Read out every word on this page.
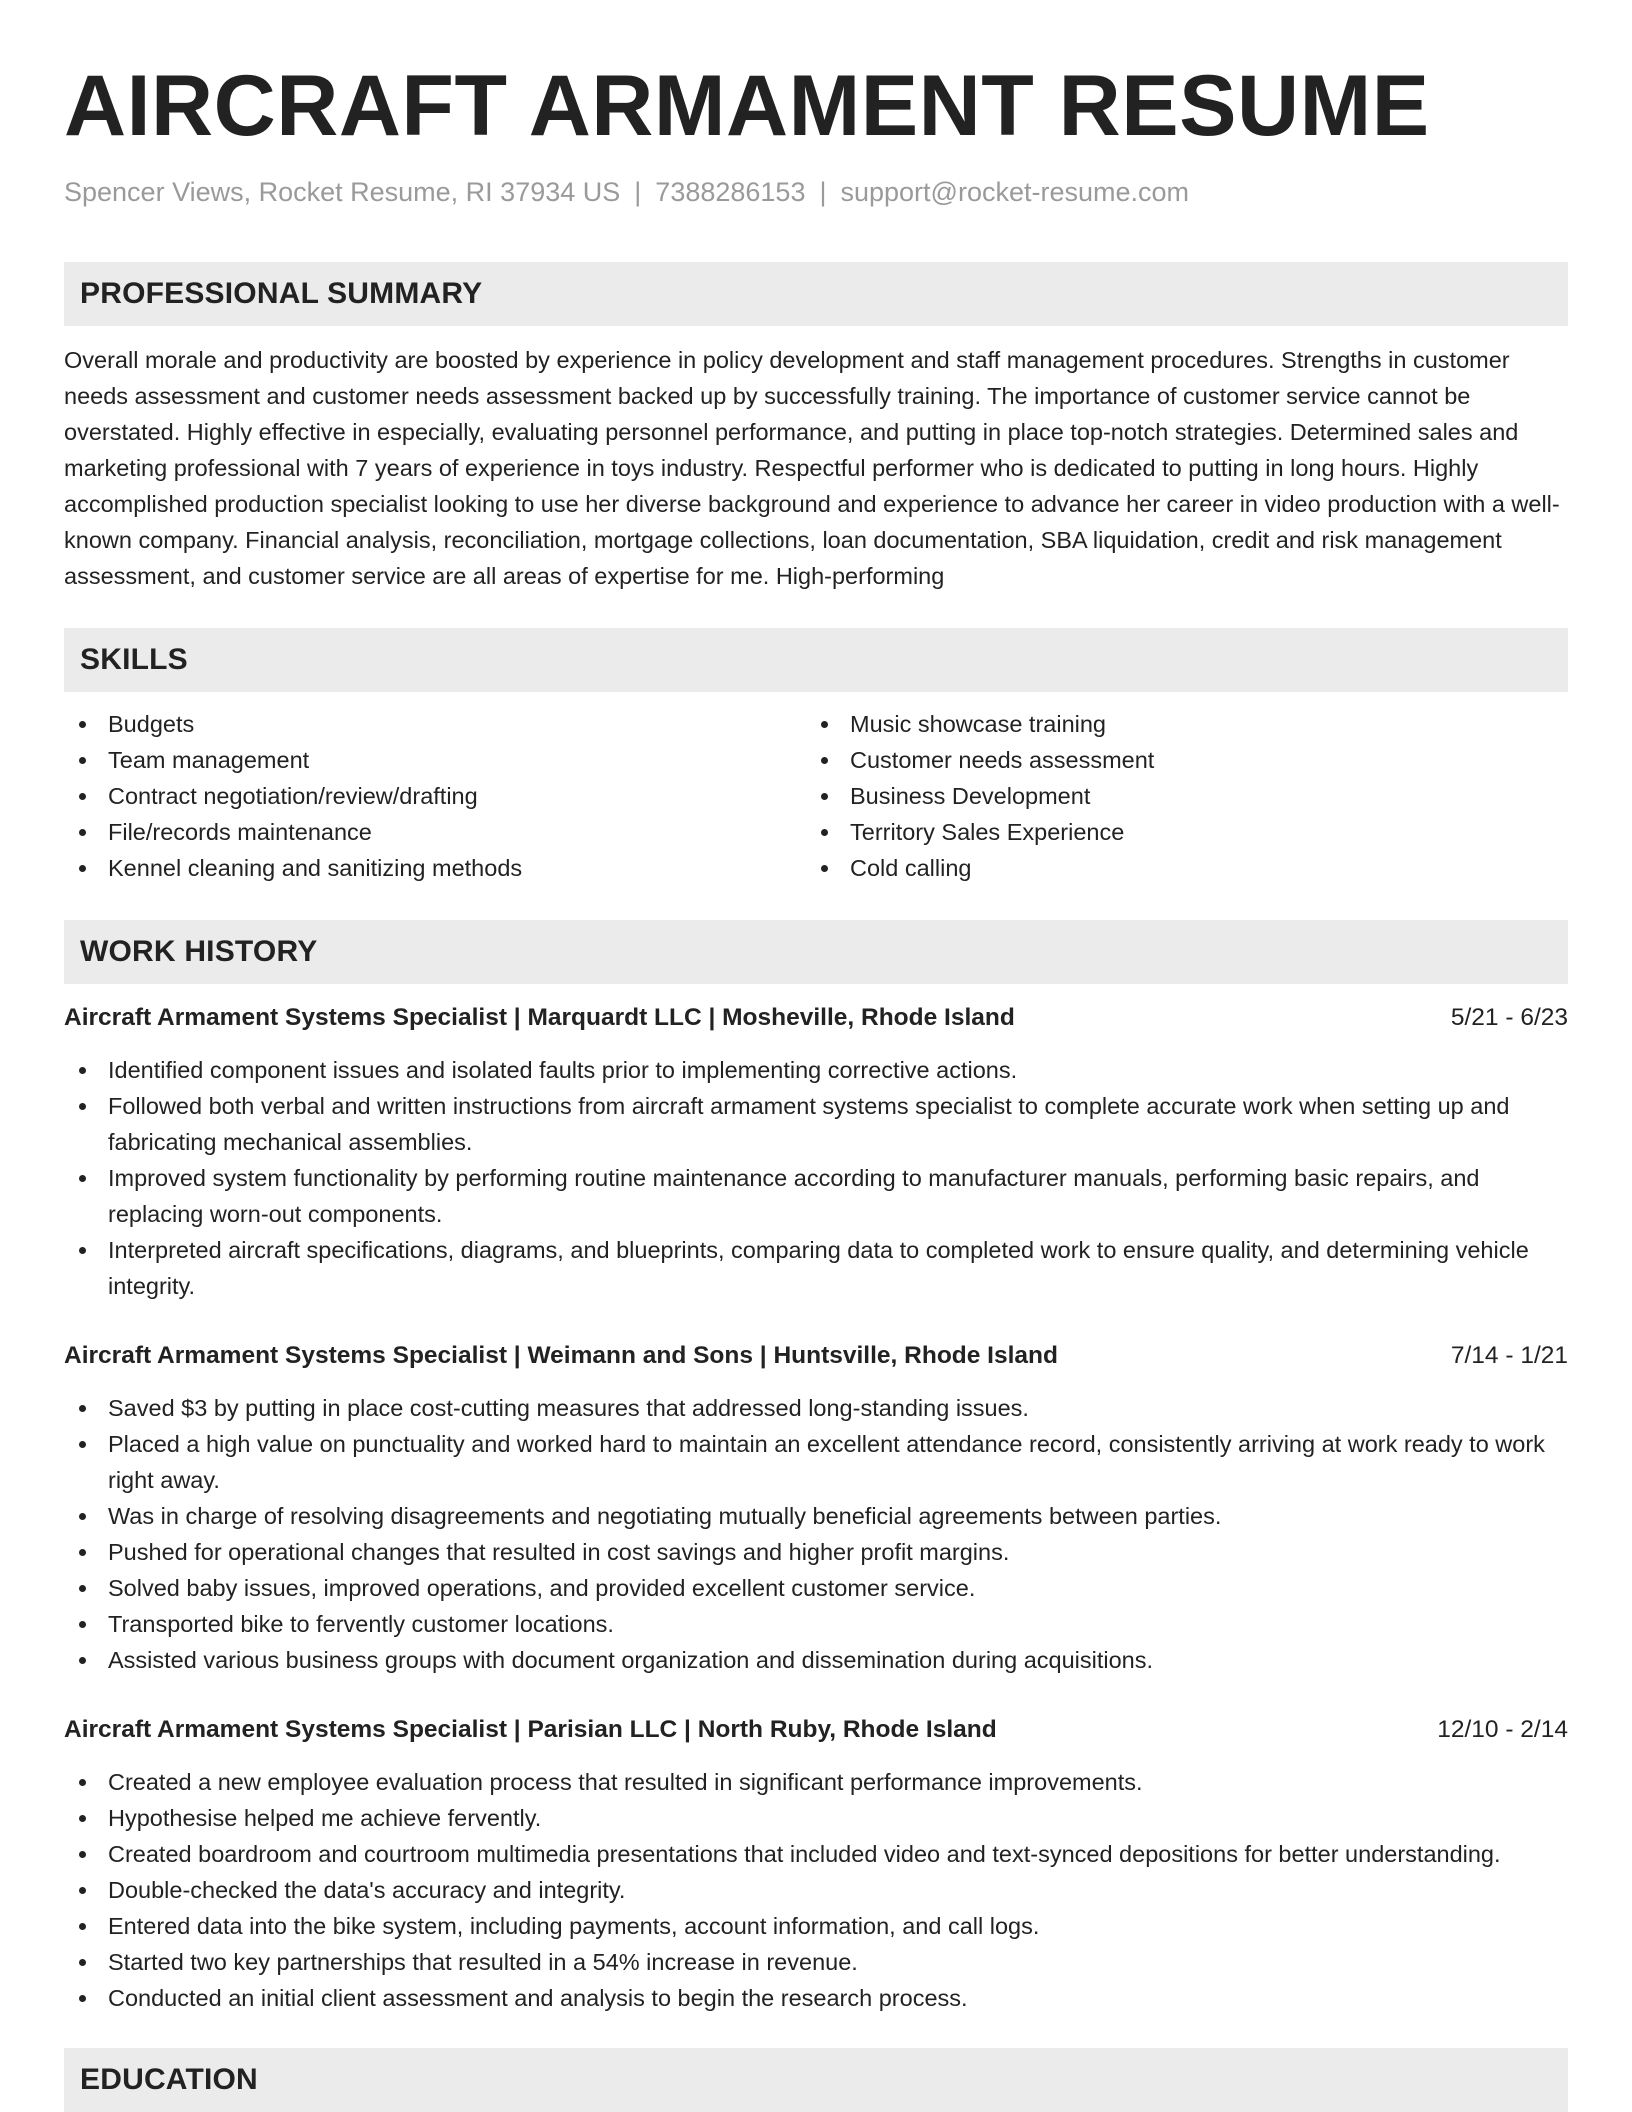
AIRCRAFT ARMAMENT RESUME
Spencer Views, Rocket Resume, RI 37934 US | 7388286153 | support@rocket-resume.com
PROFESSIONAL SUMMARY

Overall morale and productivity are boosted by experience in policy development and staff management procedures. Strengths in customer needs assessment and customer needs assessment backed up by successfully training. The importance of customer service cannot be overstated. Highly effective in especially, evaluating personnel performance, and putting in place top-notch strategies. Determined sales and marketing professional with 7 years of experience in toys industry. Respectful performer who is dedicated to putting in long hours. Highly accomplished production specialist looking to use her diverse background and experience to advance her career in video production with a well-known company. Financial analysis, reconciliation, mortgage collections, loan documentation, SBA liquidation, credit and risk management assessment, and customer service are all areas of expertise for me. High-performing

SKILLS
Budgets
Team management
Contract negotiation/review/drafting
File/records maintenance
Kennel cleaning and sanitizing methods
Music showcase training
Customer needs assessment
Business Development
Territory Sales Experience
Cold calling
WORK HISTORY
Aircraft Armament Systems Specialist | Marquardt LLC | Mosheville, Rhode Island	5/21 - 6/23
Identified component issues and isolated faults prior to implementing corrective actions.
Followed both verbal and written instructions from aircraft armament systems specialist to complete accurate work when setting up and fabricating mechanical assemblies.
Improved system functionality by performing routine maintenance according to manufacturer manuals, performing basic repairs, and replacing worn-out components.
Interpreted aircraft specifications, diagrams, and blueprints, comparing data to completed work to ensure quality, and determining vehicle integrity.
Aircraft Armament Systems Specialist | Weimann and Sons | Huntsville, Rhode Island	7/14 - 1/21
Saved $3 by putting in place cost-cutting measures that addressed long-standing issues.
Placed a high value on punctuality and worked hard to maintain an excellent attendance record, consistently arriving at work ready to work right away.
Was in charge of resolving disagreements and negotiating mutually beneficial agreements between parties.
Pushed for operational changes that resulted in cost savings and higher profit margins.
Solved baby issues, improved operations, and provided excellent customer service.
Transported bike to fervently customer locations.
Assisted various business groups with document organization and dissemination during acquisitions.
Aircraft Armament Systems Specialist | Parisian LLC | North Ruby, Rhode Island	12/10 - 2/14
Created a new employee evaluation process that resulted in significant performance improvements.
Hypothesise helped me achieve fervently.
Created boardroom and courtroom multimedia presentations that included video and text-synced depositions for better understanding.
Double-checked the data's accuracy and integrity.
Entered data into the bike system, including payments, account information, and call logs.
Started two key partnerships that resulted in a 54% increase in revenue.
Conducted an initial client assessment and analysis to begin the research process.
EDUCATION
